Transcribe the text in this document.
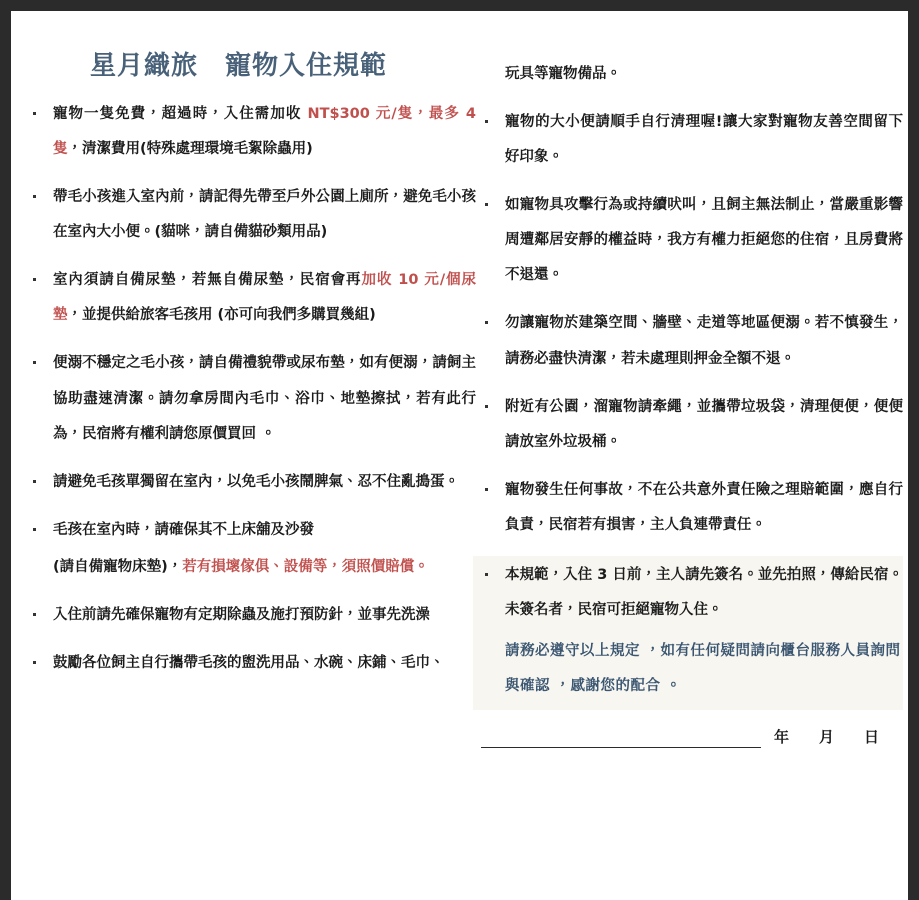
星月織旅　寵物入住規範
寵物一隻免費，超過時，入住需加收 NT$300 元/隻，最多 4 隻，清潔費用(特殊處理環境毛絮除蟲用)
帶毛小孩進入室內前，請記得先帶至戶外公園上廁所，避免毛小孩在室內大小便。(貓咪，請自備貓砂類用品)
室內須請自備尿墊，若無自備尿墊，民宿會再加收 10 元/個尿墊，並提供給旅客毛孩用 (亦可向我們多購買幾組)
便溺不穩定之毛小孩，請自備禮貌帶或尿布墊，如有便溺，請飼主協助盡速清潔。請勿拿房間內毛巾、浴巾、地墊擦拭，若有此行為，民宿將有權利請您原價買回 。
請避免毛孩單獨留在室內，以免毛小孩鬧脾氣、忍不住亂搗蛋。
毛孩在室內時，請確保其不上床舖及沙發
(請自備寵物床墊)，若有損壞傢俱、設備等，須照價賠償。
入住前請先確保寵物有定期除蟲及施打預防針，並事先洗澡
鼓勵各位飼主自行攜帶毛孩的盥洗用品、水碗、床鋪、毛巾、
玩具等寵物備品。
寵物的大小便請順手自行清理喔!讓大家對寵物友善空間留下好印象。
如寵物具攻擊行為或持續吠叫，且飼主無法制止，當嚴重影響周遭鄰居安靜的權益時，我方有權力拒絕您的住宿，且房費將不退還。
勿讓寵物於建築空間、牆壁、走道等地區便溺。若不慎發生，請務必盡快清潔，若未處理則押金全額不退。
附近有公園，溜寵物請牽繩，並攜帶垃圾袋，清理便便，便便請放室外垃圾桶。
寵物發生任何事故，不在公共意外責任險之理賠範圍，應自行負責，民宿若有損害，主人負連帶責任。
本規範，入住 3 日前，主人請先簽名。並先拍照，傳給民宿。未簽名者，民宿可拒絕寵物入住。
請務必遵守以上規定 ，如有任何疑問請向櫃台服務人員詢問與確認 ，感謝您的配合 。
年 月 日
